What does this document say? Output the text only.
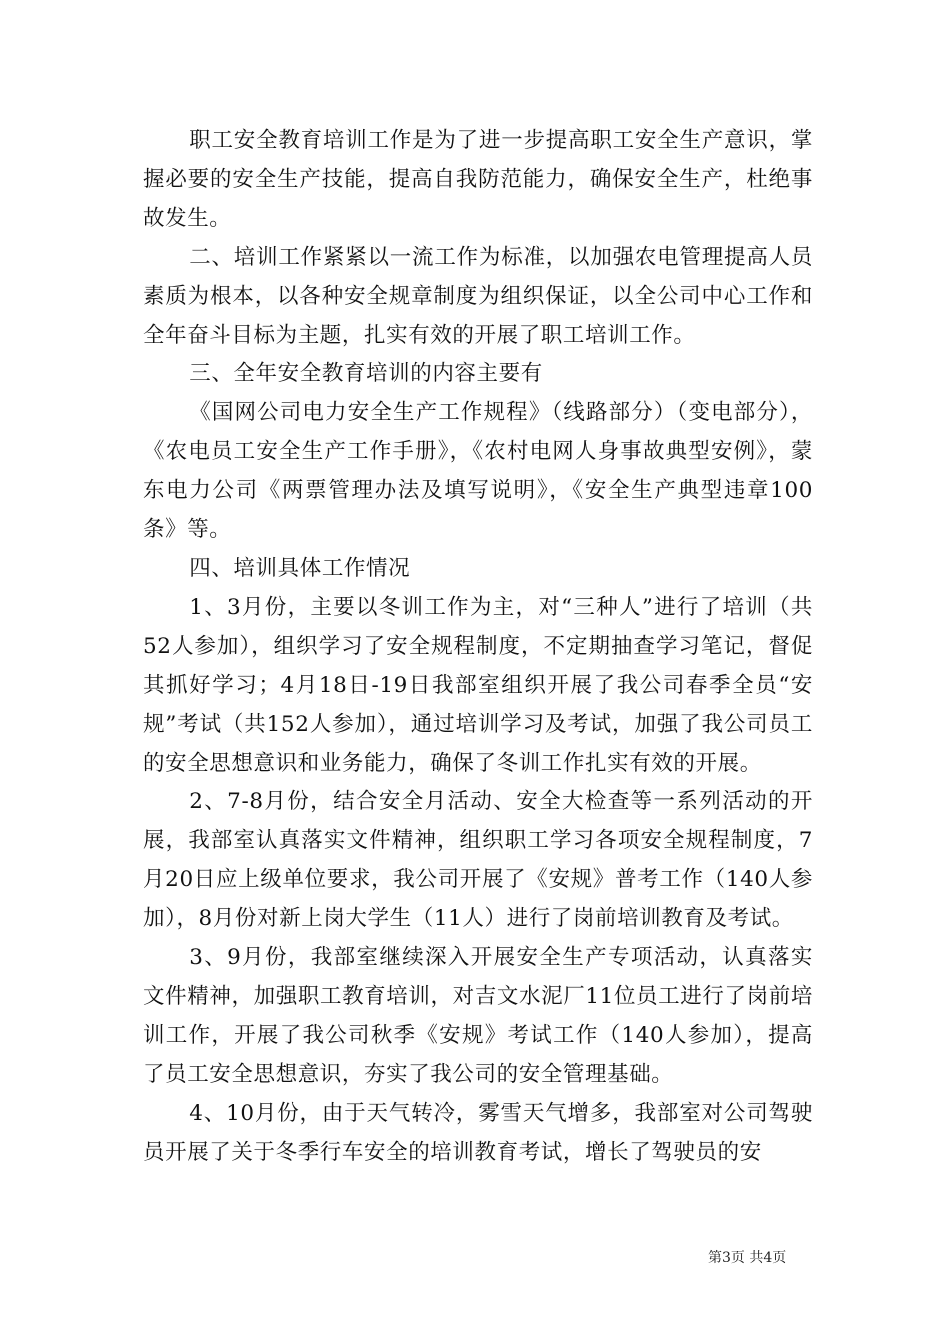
职工安全教育培训工作是为了进一步提高职工安全生产意识，掌握必要的安全生产技能，提高自我防范能力，确保安全生产，杜绝事故发生。

二、培训工作紧紧以一流工作为标准，以加强农电管理提高人员素质为根本，以各种安全规章制度为组织保证，以全公司中心工作和全年奋斗目标为主题，扎实有效的开展了职工培训工作。

三、全年安全教育培训的内容主要有

《国网公司电力安全生产工作规程》（线路部分）（变电部分），《农电员工安全生产工作手册》，《农村电网人身事故典型安例》，蒙东电力公司《两票管理办法及填写说明》，《安全生产典型违章100条》等。

四、培训具体工作情况

1、3月份，主要以冬训工作为主，对“三种人”进行了培训（共52人参加），组织学习了安全规程制度，不定期抽查学习笔记，督促其抓好学习；4月18日-19日我部室组织开展了我公司春季全员“安规”考试（共152人参加），通过培训学习及考试，加强了我公司员工的安全思想意识和业务能力，确保了冬训工作扎实有效的开展。

2、7-8月份，结合安全月活动、安全大检查等一系列活动的开展，我部室认真落实文件精神，组织职工学习各项安全规程制度，7月20日应上级单位要求，我公司开展了《安规》普考工作（140人参加），8月份对新上岗大学生（11人）进行了岗前培训教育及考试。

3、9月份，我部室继续深入开展安全生产专项活动，认真落实文件精神，加强职工教育培训，对吉文水泥厂11位员工进行了岗前培训工作，开展了我公司秋季《安规》考试工作（140人参加），提高了员工安全思想意识，夯实了我公司的安全管理基础。

4、10月份，由于天气转冷，雾雪天气增多，我部室对公司驾驶员开展了关于冬季行车安全的培训教育考试，增长了驾驶员的安

第3页 共4页
